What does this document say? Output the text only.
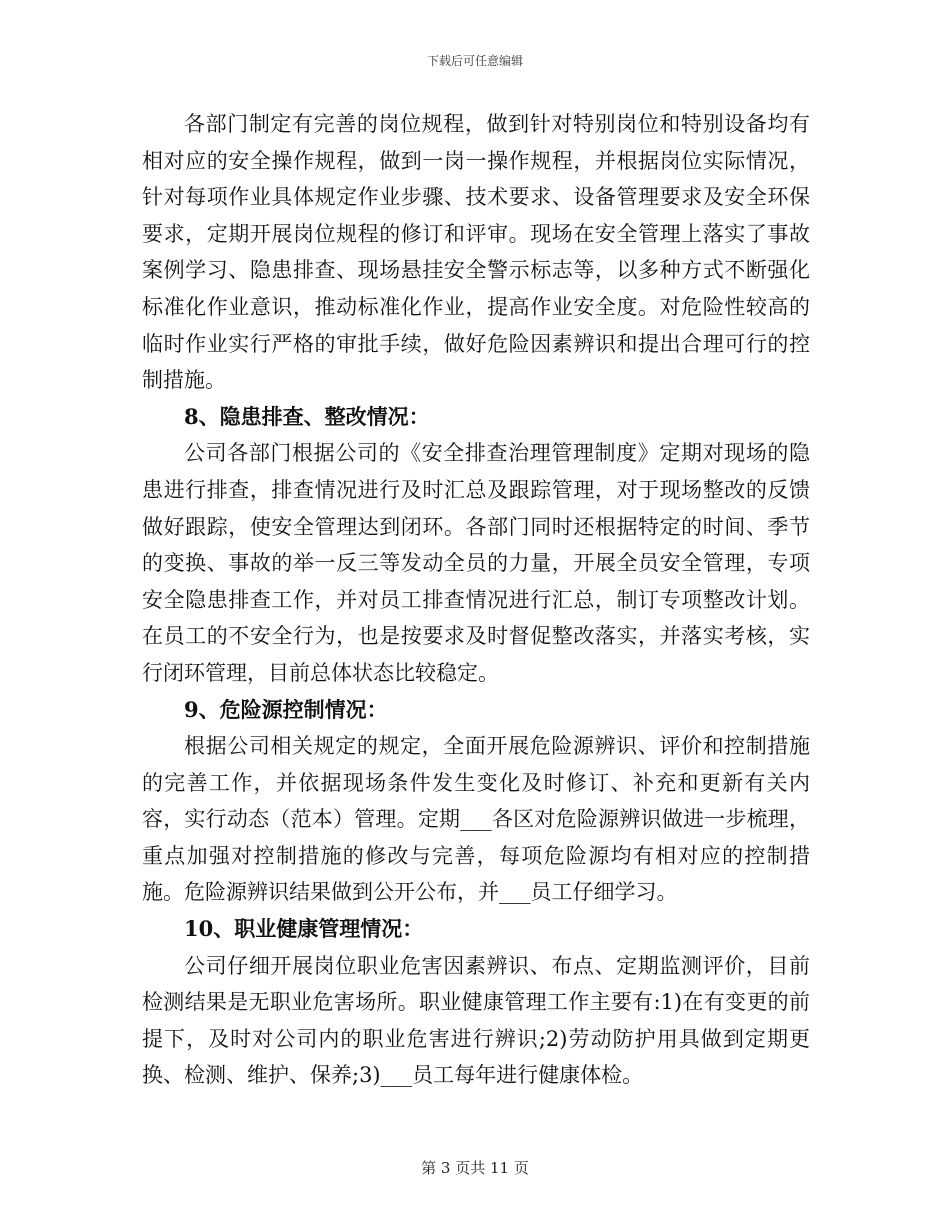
下载后可任意编辑

各部门制定有完善的岗位规程，做到针对特别岗位和特别设备均有相对应的安全操作规程，做到一岗一操作规程，并根据岗位实际情况，针对每项作业具体规定作业步骤、技术要求、设备管理要求及安全环保要求，定期开展岗位规程的修订和评审。现场在安全管理上落实了事故案例学习、隐患排查、现场悬挂安全警示标志等，以多种方式不断强化标准化作业意识，推动标准化作业，提高作业安全度。对危险性较高的临时作业实行严格的审批手续，做好危险因素辨识和提出合理可行的控制措施。

8、隐患排查、整改情况：

公司各部门根据公司的《安全排查治理管理制度》定期对现场的隐患进行排查，排查情况进行及时汇总及跟踪管理，对于现场整改的反馈做好跟踪，使安全管理达到闭环。各部门同时还根据特定的时间、季节的变换、事故的举一反三等发动全员的力量，开展全员安全管理，专项安全隐患排查工作，并对员工排查情况进行汇总，制订专项整改计划。在员工的不安全行为，也是按要求及时督促整改落实，并落实考核，实行闭环管理，目前总体状态比较稳定。

9、危险源控制情况：

根据公司相关规定的规定，全面开展危险源辨识、评价和控制措施的完善工作，并依据现场条件发生变化及时修订、补充和更新有关内容，实行动态（范本）管理。定期___各区对危险源辨识做进一步梳理，重点加强对控制措施的修改与完善，每项危险源均有相对应的控制措施。危险源辨识结果做到公开公布，并___员工仔细学习。

10、职业健康管理情况：

公司仔细开展岗位职业危害因素辨识、布点、定期监测评价，目前检测结果是无职业危害场所。职业健康管理工作主要有:1)在有变更的前提下，及时对公司内的职业危害进行辨识;2)劳动防护用具做到定期更换、检测、维护、保养;3)___员工每年进行健康体检。

第 3 页共 11 页
